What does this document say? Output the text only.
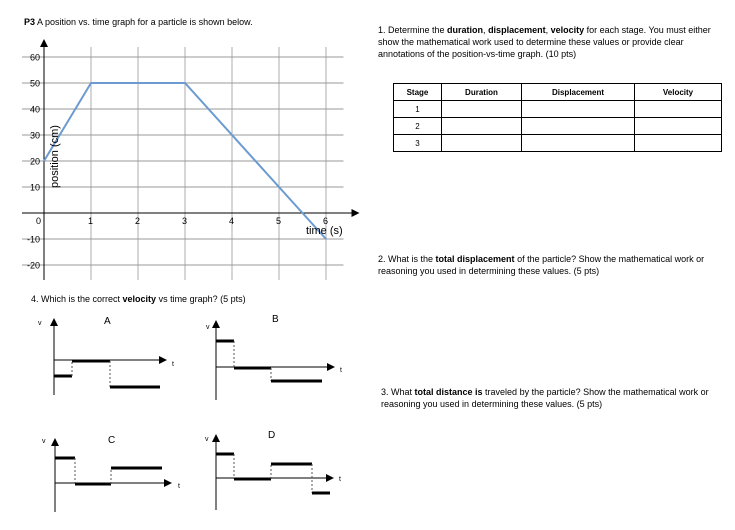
P3 A position vs. time graph for a particle is shown below.
-20
-10
10
20
30
40
50
60
0	1	2	3	4	5	6
position (cm)
time (s)
1. Determine the duration, displacement, velocity for each stage. You must either show the mathematical work used to determine these values or provide clear annotations of the position-vs-time graph. (10 pts)
Stage	Duration	Displacement	Velocity
1			
2			
3			
2. What is the total displacement of the particle? Show the mathematical work or reasoning you used in determining these values. (5 pts)
3. What total distance is traveled by the particle? Show the mathematical work or reasoning you used in determining these values. (5 pts)
4. Which is the correct velocity vs time graph? (5 pts)
A
v
t
B
v
t
C
v
t
D
v
t
